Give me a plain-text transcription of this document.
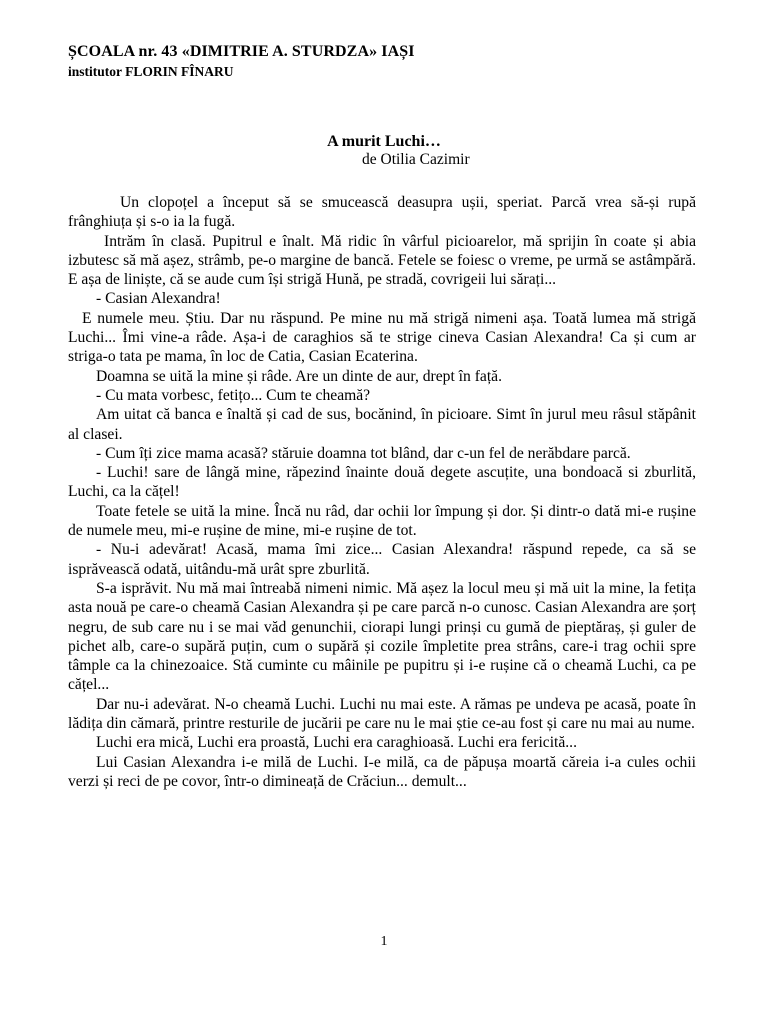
ȘCOALA nr. 43 «DIMITRIE A. STURDZA» IAȘI
institutor FLORIN FÎNARU
A murit Luchi…
de Otilia Cazimir

Un clopoțel a început să se smucească deasupra ușii, speriat. Parcă vrea să-și rupă frânghiuța și s-o ia la fugă.

Intrăm în clasă. Pupitrul e înalt. Mă ridic în vârful picioarelor, mă sprijin în coate și abia izbutesc să mă așez, strâmb, pe-o margine de bancă. Fetele se foiesc o vreme, pe urmă se astâmpără. E așa de liniște, că se aude cum își strigă Hună, pe stradă, covrigeii lui sărați...

- Casian Alexandra!

E numele meu. Știu. Dar nu răspund. Pe mine nu mă strigă nimeni așa. Toată lumea mă strigă Luchi... Îmi vine-a râde. Așa-i de caraghios să te strige cineva Casian Alexandra! Ca și cum ar striga-o tata pe mama, în loc de Catia, Casian Ecaterina.

Doamna se uită la mine și râde. Are un dinte de aur, drept în față.

- Cu mata vorbesc, fetițo... Cum te cheamă?

Am uitat că banca e înaltă și cad de sus, bocănind, în picioare. Simt în jurul meu râsul stăpânit al clasei.

- Cum îți zice mama acasă? stăruie doamna tot blând, dar c-un fel de nerăbdare parcă.

- Luchi! sare de lângă mine, răpezind înainte două degete ascuțite, una bondoacă si zburlită, Luchi, ca la cățel!

Toate fetele se uită la mine. Încă nu râd, dar ochii lor împung și dor. Și dintr-o dată mi-e rușine de numele meu, mi-e rușine de mine, mi-e rușine de tot.

- Nu-i adevărat! Acasă, mama îmi zice... Casian Alexandra! răspund repede, ca să se isprăvească odată, uitându-mă urât spre zburlită.

S-a isprăvit. Nu mă mai întreabă nimeni nimic. Mă așez la locul meu și mă uit la mine, la fetița asta nouă pe care-o cheamă Casian Alexandra și pe care parcă n-o cunosc. Casian Alexandra are șorț negru, de sub care nu i se mai văd genunchii, ciorapi lungi prinși cu gumă de pieptăraș, și guler de pichet alb, care-o supără puțin, cum o supără și cozile împletite prea strâns, care-i trag ochii spre tâmple ca la chinezoaice. Stă cuminte cu mâinile pe pupitru și i-e rușine că o cheamă Luchi, ca pe cățel...

Dar nu-i adevărat. N-o cheamă Luchi. Luchi nu mai este. A rămas pe undeva pe acasă, poate în lădița din cămară, printre resturile de jucării pe care nu le mai știe ce-au fost și care nu mai au nume.

Luchi era mică, Luchi era proastă, Luchi era caraghioasă. Luchi era fericită...

Lui Casian Alexandra i-e milă de Luchi. I-e milă, ca de păpușa moartă căreia i-a cules ochii verzi și reci de pe covor, într-o dimineață de Crăciun... demult...

1
